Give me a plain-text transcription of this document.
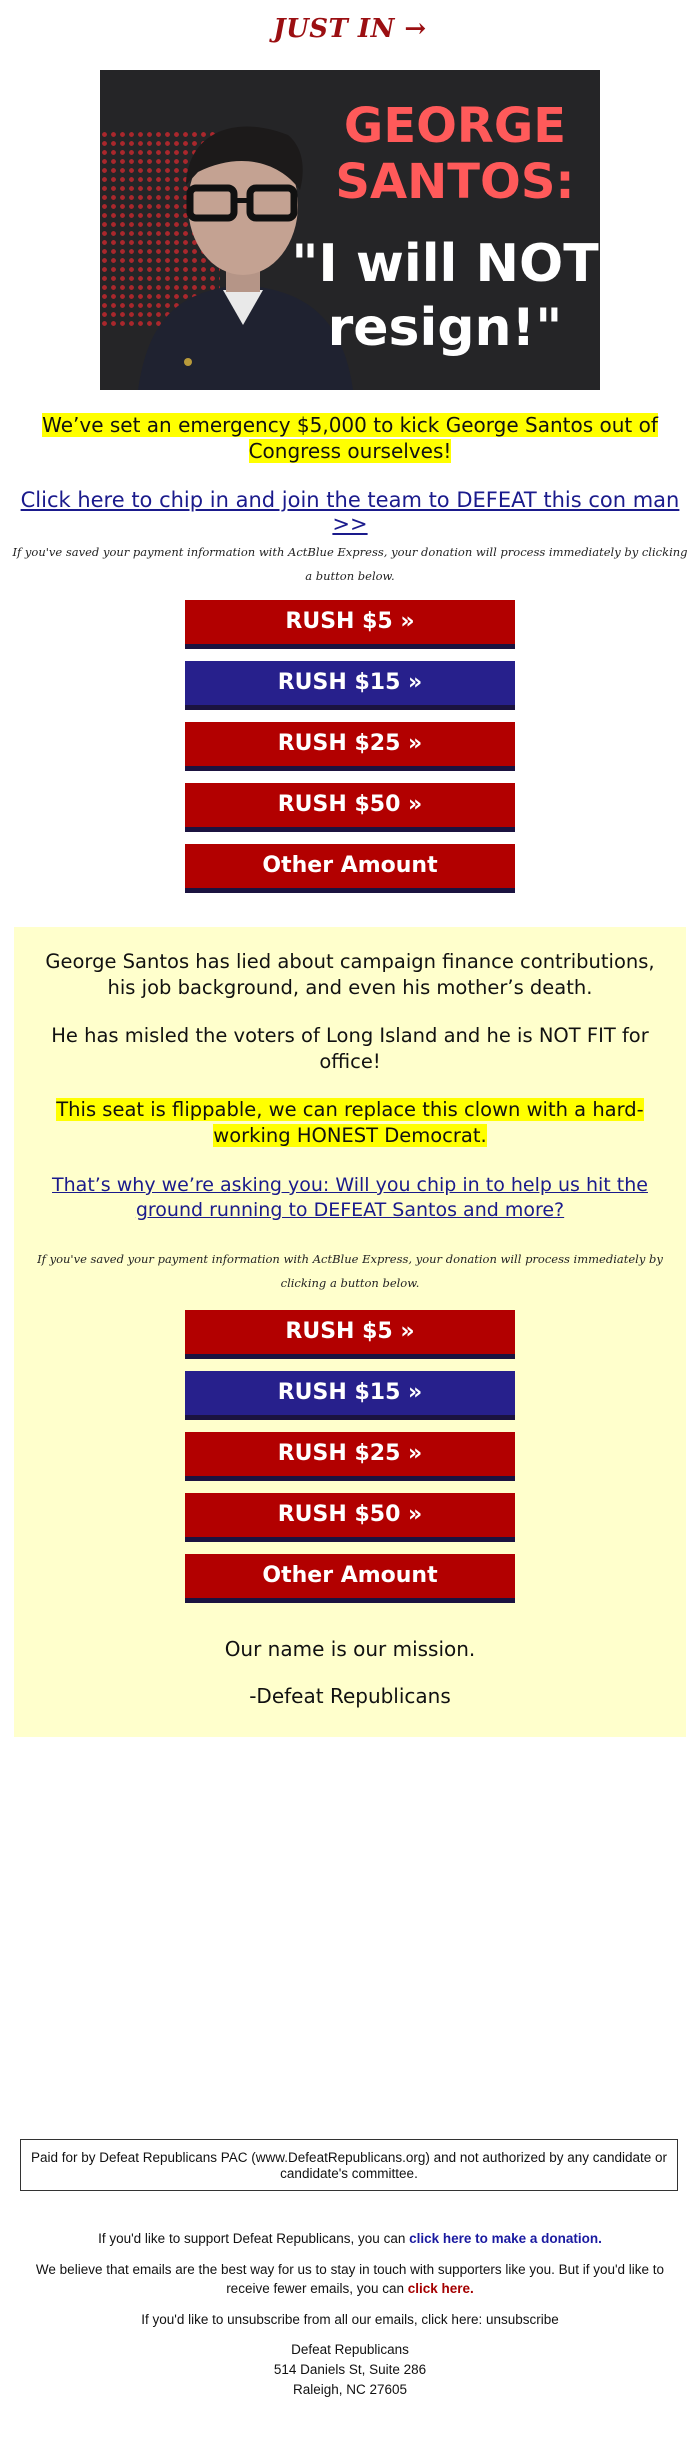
JUST IN →
GEORGE SANTOS:
"I will NOT resign!"
We’ve set an emergency $5,000 to kick George Santos out of Congress ourselves!
Click here to chip in and join the team to DEFEAT this con man >>
If you've saved your payment information with ActBlue Express, your donation will process immediately by clicking a button below.
RUSH $5 »
RUSH $15 »
RUSH $25 »
RUSH $50 »
Other Amount
George Santos has lied about campaign finance contributions, his job background, and even his mother’s death.
He has misled the voters of Long Island and he is NOT FIT for office!
This seat is flippable, we can replace this clown with a hard-working HONEST Democrat.
That’s why we’re asking you: Will you chip in to help us hit the ground running to DEFEAT Santos and more?
If you've saved your payment information with ActBlue Express, your donation will process immediately by clicking a button below.
RUSH $5 »
RUSH $15 »
RUSH $25 »
RUSH $50 »
Other Amount
Our name is our mission.
-Defeat Republicans
Paid for by Defeat Republicans PAC (www.DefeatRepublicans.org) and not authorized by any candidate or candidate's committee.
If you'd like to support Defeat Republicans, you can click here to make a donation.
We believe that emails are the best way for us to stay in touch with supporters like you. But if you'd like to receive fewer emails, you can click here.
If you'd like to unsubscribe from all our emails, click here: unsubscribe
Defeat Republicans
514 Daniels St, Suite 286
Raleigh, NC 27605
